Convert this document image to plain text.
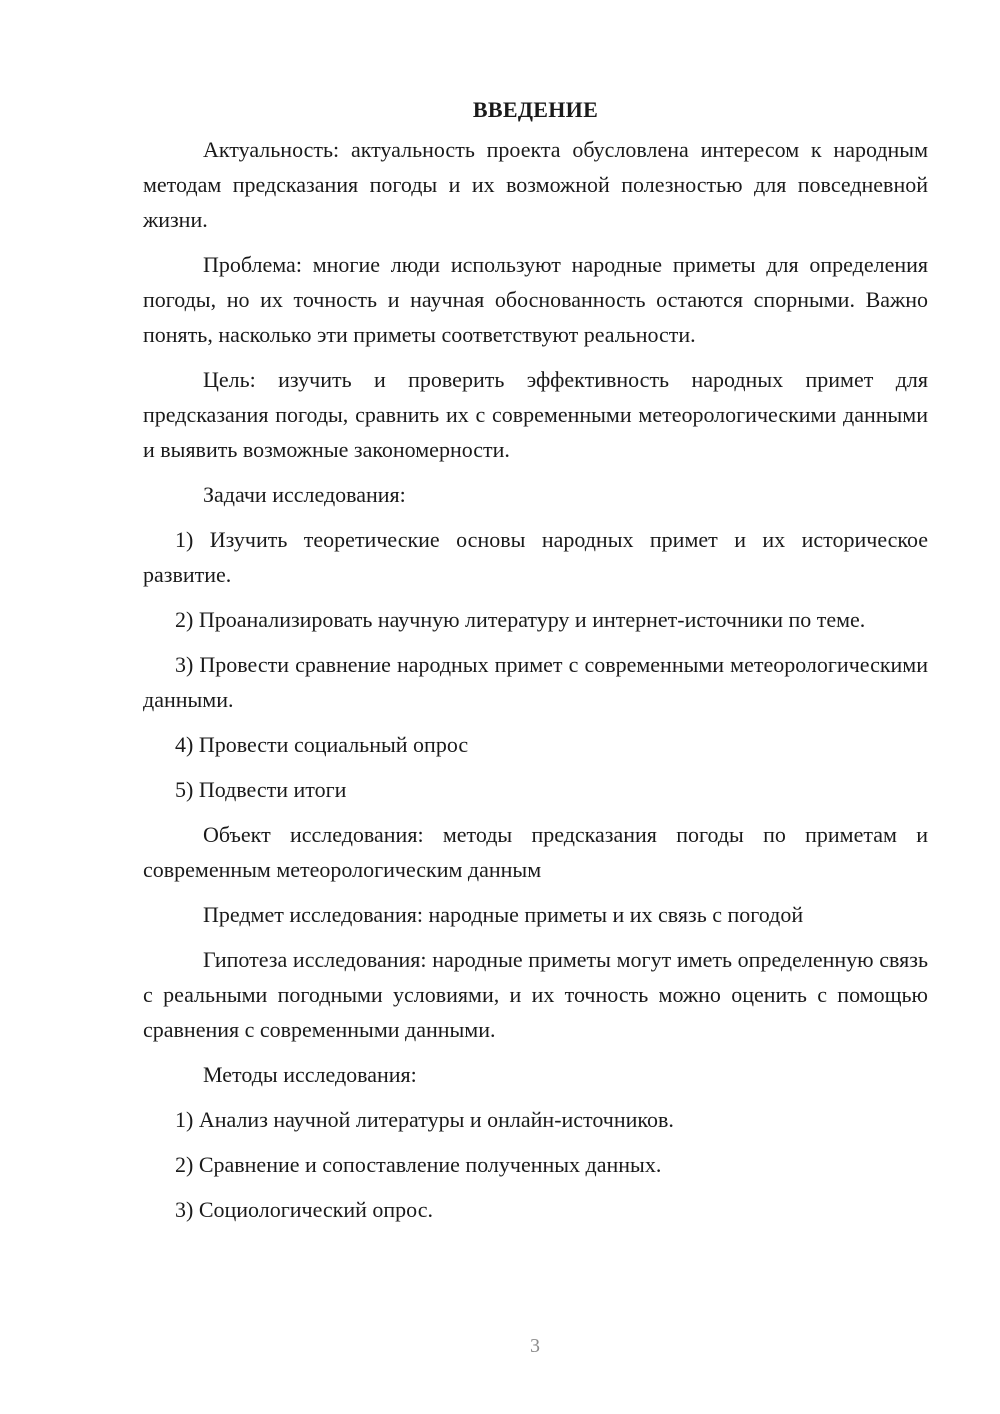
ВВЕДЕНИЕ

Актуальность: актуальность проекта обусловлена интересом к народным методам предсказания погоды и их возможной полезностью для повседневной жизни.

Проблема: многие люди используют народные приметы для определения погоды, но их точность и научная обоснованность остаются спорными. Важно понять, насколько эти приметы соответствуют реальности.

Цель: изучить и проверить эффективность народных примет для предсказания погоды, сравнить их с современными метеорологическими данными и выявить возможные закономерности.

Задачи исследования:

1) Изучить теоретические основы народных примет и их историческое развитие.

2) Проанализировать научную литературу и интернет-источники по теме.

3) Провести сравнение народных примет с современными метеорологическими данными.

4) Провести социальный опрос

5) Подвести итоги

Объект исследования: методы предсказания погоды по приметам и современным метеорологическим данным

Предмет исследования: народные приметы и их связь с погодой

Гипотеза исследования: народные приметы могут иметь определенную связь с реальными погодными условиями, и их точность можно оценить с помощью сравнения с современными данными.

Методы исследования:

1) Анализ научной литературы и онлайн-источников.

2) Сравнение и сопоставление полученных данных.

3) Социологический опрос.

3
